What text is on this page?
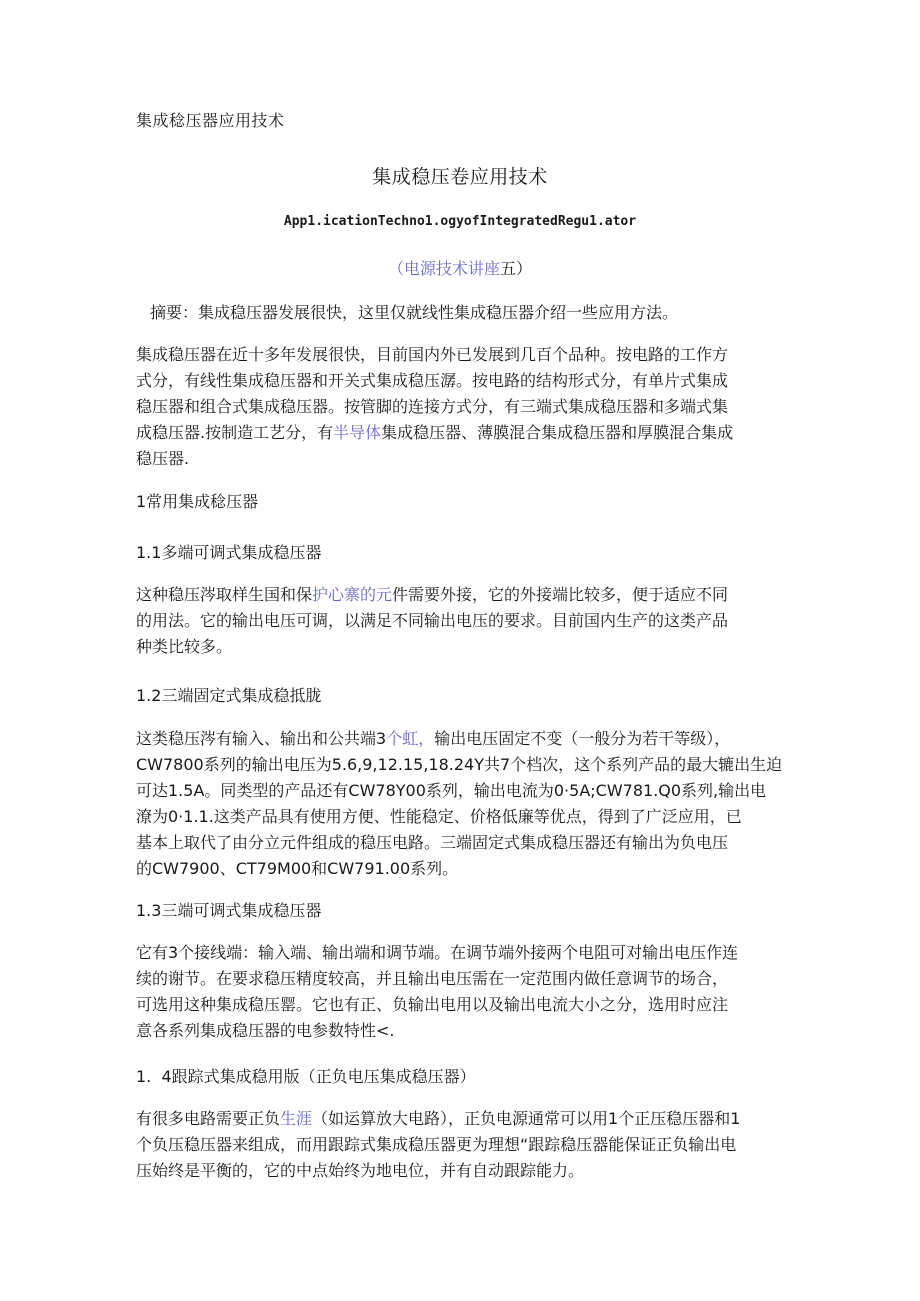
集成稔压器应用技术
集成稳压卷应用技术
App1.icationTechno1.ogyofIntegratedRegu1.ator
（电源技术讲座五）
摘要：集成稳压器发展很快，这里仅就线性集成稳压器介绍一些应用方法。
集成稳压器在近十多年发展很快，目前国内外已发展到几百个品种。按电路的工作方
式分，有线性集成稳压器和开关式集成稳压潺。按电路的结构形式分，有单片式集成
稳压器和组合式集成稳压器。按管脚的连接方式分，有三端式集成稳压器和多端式集
成稳压器.按制造工艺分，有半导体集成稳压器、薄膜混合集成稳压器和厚膜混合集成
稳压器.
1常用集成稔压器
1.1多端可调式集成稳压器
这种稳压涔取样生国和保护心寨的元件需要外接，它的外接端比较多，便于适应不同
的用法。它的输出电压可调，以满足不同输出电压的要求。目前国内生产的这类产品
种类比较多。
1.2三端固定式集成稳抵胧
这类稳压涔有输入、输出和公共端3个虹，输出电压固定不变（一般分为若干等级），
CW7800系列的输出电压为5.6,9,12.15,18.24Y共7个档次，这个系列产品的最大辘出生迫
可达1.5A。同类型的产品还有CW78Y00系列，输出电流为0·5A;CW781.Q0系列,输出电
潦为0·1.1.这类产品具有使用方便、性能稳定、价格低廉等优点，得到了广泛应用，已
基本上取代了由分立元件组成的稳压电路。三端固定式集成稳压器还有输出为负电压
的CW7900、CT79M00和CW791.00系列。
1.3三端可调式集成稳压器
它有3个接线端：输入端、输出端和调节端。在调节端外接两个电阻可对输出电压作连
续的谢节。在要求稳压精度较高，并且输出电压需在一定范围内做任意调节的场合，
可选用这种集成稳压罂。它也有正、负输出电用以及输出电流大小之分，选用时应注
意各系列集成稳压器的电参数特性<.
1.  4跟踪式集成稳用版（正负电压集成稳压器）
有很多电路需要正负生涯（如运算放大电路），正负电源通常可以用1个正压稳压器和1
个负压稳压器来组成，而用跟踪式集成稳压器更为理想“跟踪稳压器能保证正负输出电
压始终是平衡的，它的中点始终为地电位，并有自动跟踪能力。
